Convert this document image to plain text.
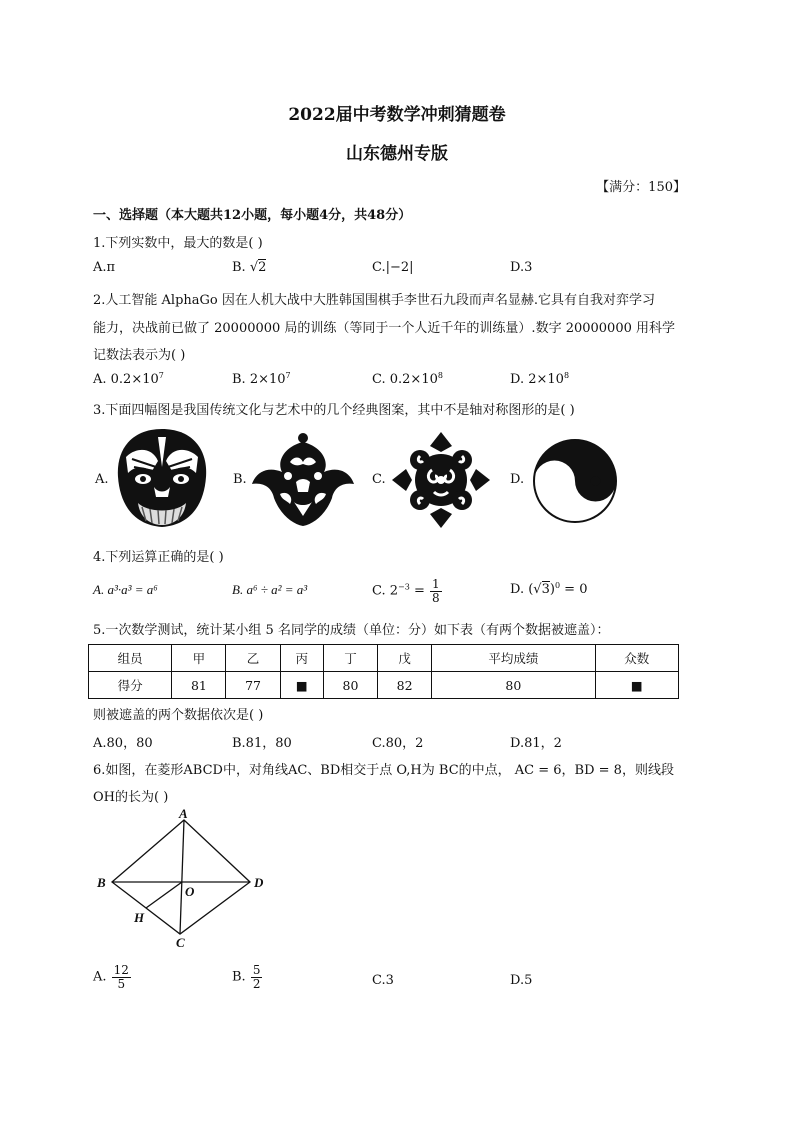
2022届中考数学冲刺猜题卷
山东德州专版
【满分：150】
一、选择题（本大题共12小题，每小题4分，共48分）
1.下列实数中，最大的数是( )
A.π	B. √2	C.|−2|	D.3
2.人工智能 AlphaGo 因在人机大战中大胜韩国围棋手李世石九段而声名显赫.它具有自我对弈学习
能力，决战前已做了 20000000 局的训练（等同于一个人近千年的训练量）.数字 20000000 用科学
记数法表示为( )
A. $0.2\times 10^7$	B. $2\times 10^7$	C. $0.2\times 10^8$	D. $2\times 10^8$
3.下面四幅图是我国传统文化与艺术中的几个经典图案，其中不是轴对称图形的是( )
A.	B.	C.	D.
4.下列运算正确的是( )
A. a³·a³ = a⁶	B. a⁶ ÷ a² = a³	C. $2^{-3} = \frac{1}{8}$	D. $(√3)^0 = 0$
5.一次数学测试，统计某小组 5 名同学的成绩（单位：分）如下表（有两个数据被遮盖）：
组员	甲	乙	丙	丁	戊	平均成绩	众数
得分	81	77	■	80	82	80	■
则被遮盖的两个数据依次是( )
A.80，80	B.81，80	C.80，2	D.81，2
6.如图，在菱形ABCD中，对角线AC、BD相交于点 O,H为 BC的中点， AC = 6，BD = 8，则线段
OH的长为( )
A
B
C
D
O
H
A. $\frac{12}{5}$	B. $\frac{5}{2}$	C.3	D.5
